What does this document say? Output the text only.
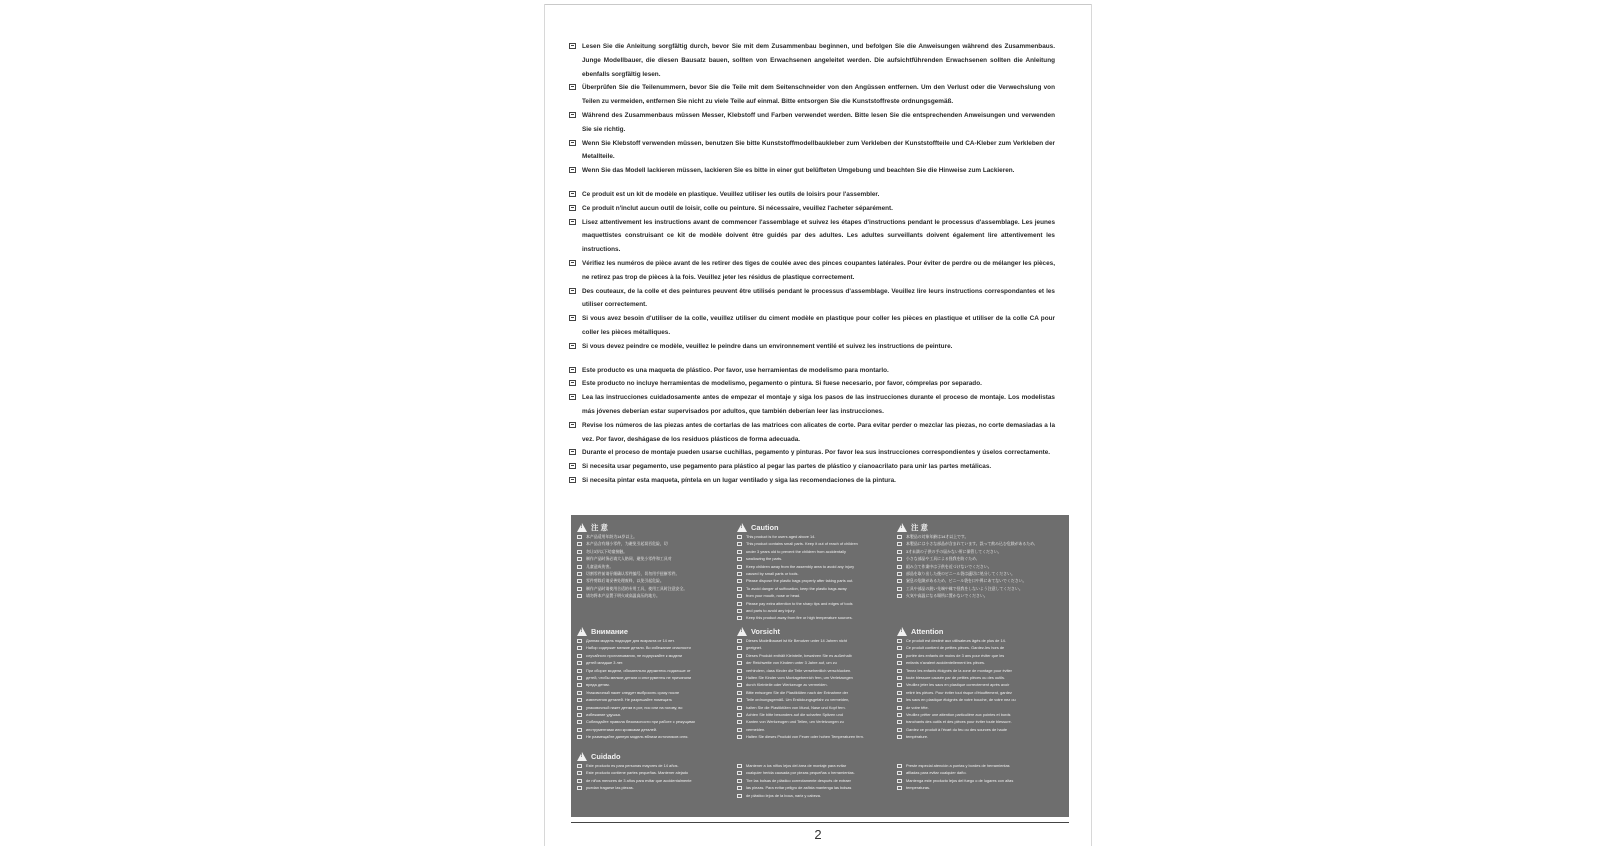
Lesen Sie die Anleitung sorgfältig durch, bevor Sie mit dem Zusammenbau beginnen, und befolgen Sie die Anweisungen während des Zusammenbaus. Junge Modellbauer, die diesen Bausatz bauen, sollten von Erwachsenen angeleitet werden. Die aufsichtführenden Erwachsenen sollten die Anleitung ebenfalls sorgfältig lesen.
Überprüfen Sie die Teilenummern, bevor Sie die Teile mit dem Seitenschneider von den Angüssen entfernen. Um den Verlust oder die Verwechslung von Teilen zu vermeiden, entfernen Sie nicht zu viele Teile auf einmal. Bitte entsorgen Sie die Kunststoffreste ordnungsgemäß.
Während des Zusammenbaus müssen Messer, Klebstoff und Farben verwendet werden. Bitte lesen Sie die entsprechenden Anweisungen und verwenden Sie sie richtig.
Wenn Sie Klebstoff verwenden müssen, benutzen Sie bitte Kunststoffmodellbaukleber zum Verkleben der Kunststoffteile und CA-Kleber zum Verkleben der Metallteile.
Wenn Sie das Modell lackieren müssen, lackieren Sie es bitte in einer gut belüfteten Umgebung und beachten Sie die Hinweise zum Lackieren.
Ce produit est un kit de modèle en plastique. Veuillez utiliser les outils de loisirs pour l'assembler.
Ce produit n'inclut aucun outil de loisir, colle ou peinture. Si nécessaire, veuillez l'acheter séparément.
Lisez attentivement les instructions avant de commencer l'assemblage et suivez les étapes d'instructions pendant le processus d'assemblage. Les jeunes maquettistes construisant ce kit de modèle doivent être guidés par des adultes. Les adultes surveillants doivent également lire attentivement les instructions.
Vérifiez les numéros de pièce avant de les retirer des tiges de coulée avec des pinces coupantes latérales. Pour éviter de perdre ou de mélanger les pièces, ne retirez pas trop de pièces à la fois. Veuillez jeter les résidus de plastique correctement.
Des couteaux, de la colle et des peintures peuvent être utilisés pendant le processus d'assemblage. Veuillez lire leurs instructions correspondantes et les utiliser correctement.
Si vous avez besoin d'utiliser de la colle, veuillez utiliser du ciment modèle en plastique pour coller les pièces en plastique et utiliser de la colle CA pour coller les pièces métalliques.
Si vous devez peindre ce modèle, veuillez le peindre dans un environnement ventilé et suivez les instructions de peinture.
Este producto es una maqueta de plástico. Por favor, use herramientas de modelismo para montarlo.
Este producto no incluye herramientas de modelismo, pegamento o pintura. Si fuese necesario, por favor, cómprelas por separado.
Lea las instrucciones cuidadosamente antes de empezar el montaje y siga los pasos de las instrucciones durante el proceso de montaje. Los modelistas más jóvenes deberían estar supervisados por adultos, que también deberían leer las instrucciones.
Revise los números de las piezas antes de cortarlas de las matrices con alicates de corte. Para evitar perder o mezclar las piezas, no corte demasiadas a la vez. Por favor, deshágase de los residuos plásticos de forma adecuada.
Durante el proceso de montaje pueden usarse cuchillas, pegamento y pinturas. Por favor lea sus instrucciones correspondientes y úselos correctamente.
Si necesita usar pegamento, use pegamento para plástico al pegar las partes de plástico y cianoacrilato para unir las partes metálicas.
Si necesita pintar esta maqueta, píntela en un lugar ventilado y siga las recomendaciones de la pintura.
!
注 意
本产品适用年龄为14岁以上。
本产品含有细小零件，为避免引起误吞危险，切
勿让3岁以下幼童接触。
制作产品时务必请大人陪同，避免小零件和工具对
儿童造成伤害。
切割零件前请仔细确认零件编号，切勿用手扭断零件。
零件剪除后请妥善处理废料，以免引起危险。
制作产品时请使用合适的专用工具，使用工具时注意安全。
请勿将本产品置于明火或高温高压的地方。
!
Caution
This product is for users aged above 14.
This product contains small parts. Keep it out of reach of children
under 3 years old to prevent the children from accidentally
swallowing the parts.
Keep children away from the assembly area to avoid any injury
caused by small parts or tools.
Please dispose the plastic bags properly after taking parts out.
To avoid danger of suffocation, keep the plastic bags away
from your mouth, nose or head.
Please pay extra attention to the sharp tips and edges of tools
and parts to avoid any injury.
Keep this product away from fire or high temperature sources.
!
注 意
本製品の対象年齢は14才以上です。
本製品には小さな部品が含まれています。誤って飲み込む危険があるため、
3才未満の子供の手の届かない所に保管してください。
小さな部品や工具による怪我を防ぐため、
組み立て作業中は子供を近づけないでください。
部品を取り出した後のビニール袋は適切に処分してください。
窒息の危険があるため、ビニール袋を口や鼻にあてないでください。
工具や部品の鋭い先端や縁で怪我をしないよう注意してください。
火気や高温になる場所に置かないでください。
!
Внимание
Данная модель подходит для возраста от 14 лет.
Набор содержит мелкие детали. Во избежание опасности
случайного проглатывания, не подпускайте к модели
детей младше 3 лет.
При сборке модели, обязательно держитесь подальше от
детей, чтобы мелкие детали и инструменты не причинили
вреда детям.
Упаковочный пакет следует выбросить сразу после
извлечения деталей. Не разрешайте помещать
упаковочный пакет детям в рот, нос или на голову, во
избежание удушья.
Соблюдайте правила безопасности при работе с режущими
инструментами или кромками деталей.
Не размещайте данную модель вблизи источников огня.
!
Vorsicht
Dieses Modellbauset ist für Benutzer unter 14 Jahren nicht
geeignet.
Dieses Produkt enthält Kleinteile, bewahren Sie es außerhalb
der Reichweite von Kindern unter 3 Jahre auf, um zu
verhindern, dass Kinder die Teile versehentlich verschlucken.
Halten Sie Kinder vom Montagebereich fern, um Verletzungen
durch Kleinteile oder Werkzeuge zu vermeiden.
Bitte entsorgen Sie die Plastiktüten nach der Entnahme der
Teile ordnungsgemäß. Um Erstickungsgefahr zu vermeiden,
halten Sie die Plastiktüten von Mund, Nase und Kopf fern.
Achten Sie bitte besonders auf die scharfen Spitzen und
Kanten von Werkzeugen und Teilen, um Verletzungen zu
vermeiden.
Halten Sie dieses Produkt von Feuer oder hohen Temperaturen fern.
!
Attention
Ce produit est destiné aux utilisateurs âgés de plus de 14.
Ce produit contient de petites pièces. Gardez-les hors de
portée des enfants de moins de 3 ans pour éviter que les
enfants n'avalent accidentellement les pièces.
Tenez les enfants éloignés de la zone de montage pour éviter
toute blessure causée par de petites pièces ou des outils.
Veuillez jeter les sacs en plastique correctement après avoir
retiré les pièces. Pour éviter tout risque d'étouffement, gardez
les sacs en plastique éloignés de votre bouche, de votre nez ou
de votre tête.
Veuillez prêter une attention particulière aux pointes et bords
tranchants des outils et des pièces pour éviter toute blessure.
Gardez ce produit à l'écart du feu ou des sources de haute
température.
!
Cuidado
Este producto es para personas mayores de 14 años.
Este producto contiene partes pequeñas. Mantener alejado
de niños menores de 3 años para evitar que accidentalmente
puedan tragarse las piezas.
Mantener a los niños lejos del área de montaje para evitar
cualquier herida causada por piezas pequeñas o herramientas.
Tire las bolsas de plástico correctamente después de extraer
las piezas. Para evitar peligro de asfixia mantenga las bolsas
de plástico lejos de la boca, nariz y cabeza.
Preste especial atención a puntas y bordes de herramientas
afiladas para evitar cualquier daño.
Mantenga este producto lejos del fuego o de lugares con altas
temperaturas.
2
